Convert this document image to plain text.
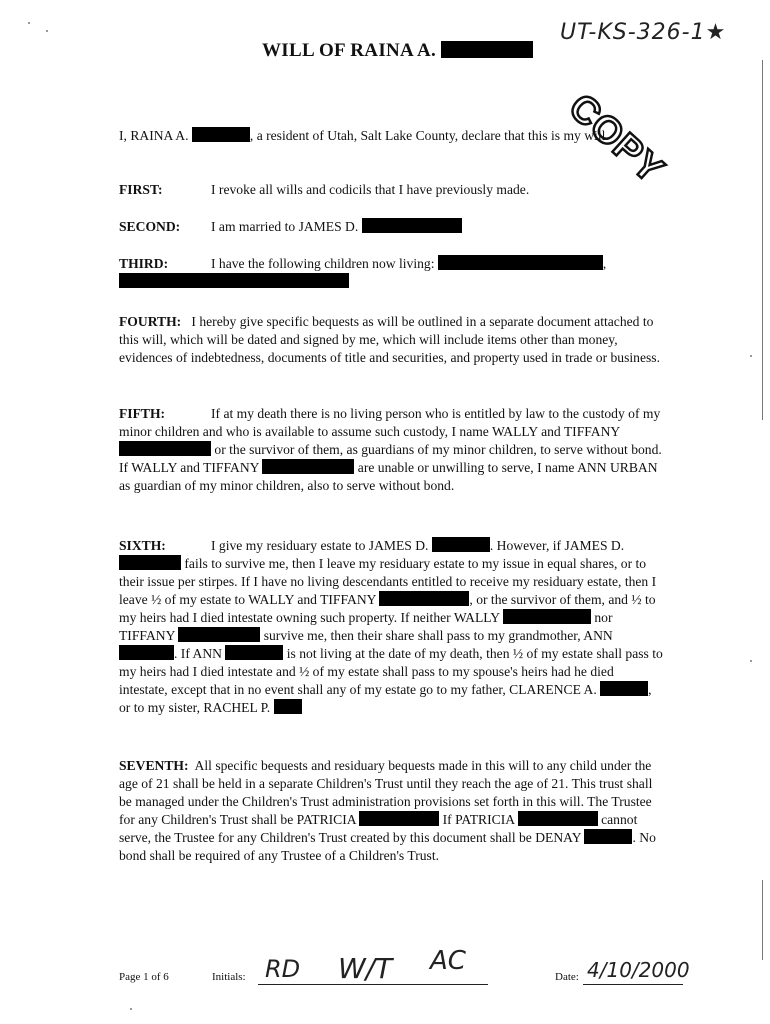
UT-KS-326-1★
WILL OF RAINA A.
COPY
I, RAINA A.	, a resident of Utah, Salt Lake County, declare that this is my will.
FIRST:	I revoke all wills and codicils that I have previously made.
SECOND: I am married to JAMES D.
THIRD:	I have the following children now living:	,

FOURTH: I hereby give specific bequests as will be outlined in a separate document attached to this will, which will be dated and signed by me, which will include items other than money, evidences of indebtedness, documents of title and securities, and property used in trade or business.
FIFTH:	If at my death there is no living person who is entitled by law to the custody of my minor children and who is available to assume such custody, I name WALLY and TIFFANY  or the survivor of them, as guardians of my minor children, to serve without bond. If WALLY and TIFFANY	are unable or unwilling to serve, I name ANN URBAN as guardian of my minor children, also to serve without bond.
SIXTH:	I give my residuary estate to JAMES D.	. However, if JAMES D.  fails to survive me, then I leave my residuary estate to my issue in equal shares, or to their issue per stirpes. If I have no living descendants entitled to receive my residuary estate, then I leave ½ of my estate to WALLY and TIFFANY	, or the survivor of them, and ½ to my heirs had I died intestate owning such property. If neither WALLY	nor TIFFANY	survive me, then their share shall pass to my grandmother, ANN . If ANN	is not living at the date of my death, then ½ of my estate shall pass to my heirs had I died intestate and ½ of my estate shall pass to my spouse's heirs had he died intestate, except that in no event shall any of my estate go to my father, CLARENCE A.	, or to my sister, RACHEL P.
SEVENTH: All specific bequests and residuary bequests made in this will to any child under the age of 21 shall be held in a separate Children's Trust until they reach the age of 21. This trust shall be managed under the Children's Trust administration provisions set forth in this will. The Trustee for any Children's Trust shall be PATRICIA	If PATRICIA	cannot serve, the Trustee for any Children's Trust created by this document shall be DENAY	. No bond shall be required of any Trustee of a Children's Trust.
Page 1 of 6	Initials: RD W/T AC
Date: 4/10/2000
